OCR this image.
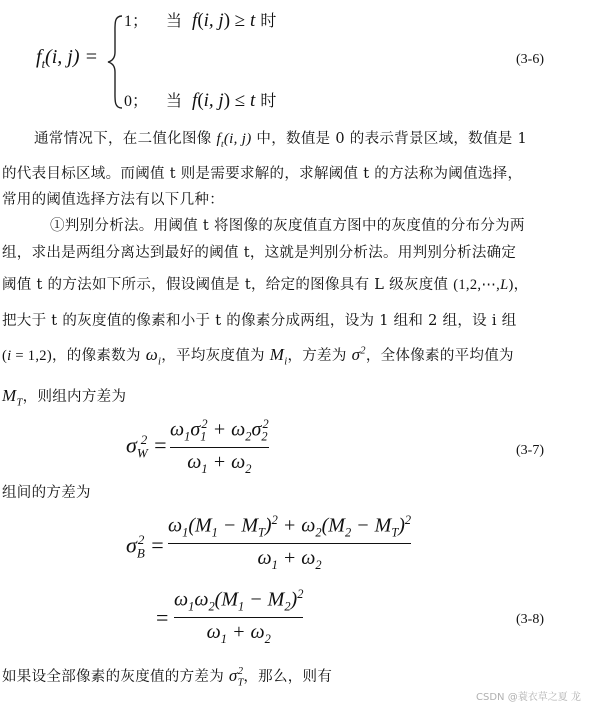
$f_t(i$, j) =
1； 当 f(i, j) ≥ t 时
0； 当 f(i, j) ≤ t 时
(3-6)
通常情况下，在二值化图像 $f_t(i$, j) 中，数值是 0 的表示背景区域，数值是 1
的代表目标区域。而阈值 t 则是需要求解的，求解阈值 t 的方法称为阈值选择，
常用的阈值选择方法有以下几种：
①判别分析法。用阈值 t 将图像的灰度值直方图中的灰度值的分布分为两
组，求出是两组分离达到最好的阈值 t，这就是判别分析法。用判别分析法确定
阈值 t 的方法如下所示，假设阈值是 t，给定的图像具有 L 级灰度值 (1,2,⋯,L)，
把大于 t 的灰度值的像素和小于 t 的像素分成两组，设为 1 组和 2 组，设 i 组
(i = 1,2)，的像素数为 $\omega_i$，平均灰度值为 $M_i$，方差为 $\sigma^2$，全体像素的平均值为
$M_T$，则组内方差为
$\sigma_W^2$ =
$\omega_1\sigma_1^2 + \omega_2\sigma_2^2$
$\omega_1 + \omega_2$
(3-7)
组间的方差为
$\sigma_B^2$ =
$\omega_1(M_1 - M_T)^2 + \omega_2(M_2 - M_T)^2$
$\omega_1 + \omega_2$
=
$\omega_1\omega_2(M_1 - M_2)^2$
$\omega_1 + \omega_2$
(3-8)
如果设全部像素的灰度值的方差为 $\sigma_T^2$，那么，则有
CSDN @蓑衣草之夏 龙
